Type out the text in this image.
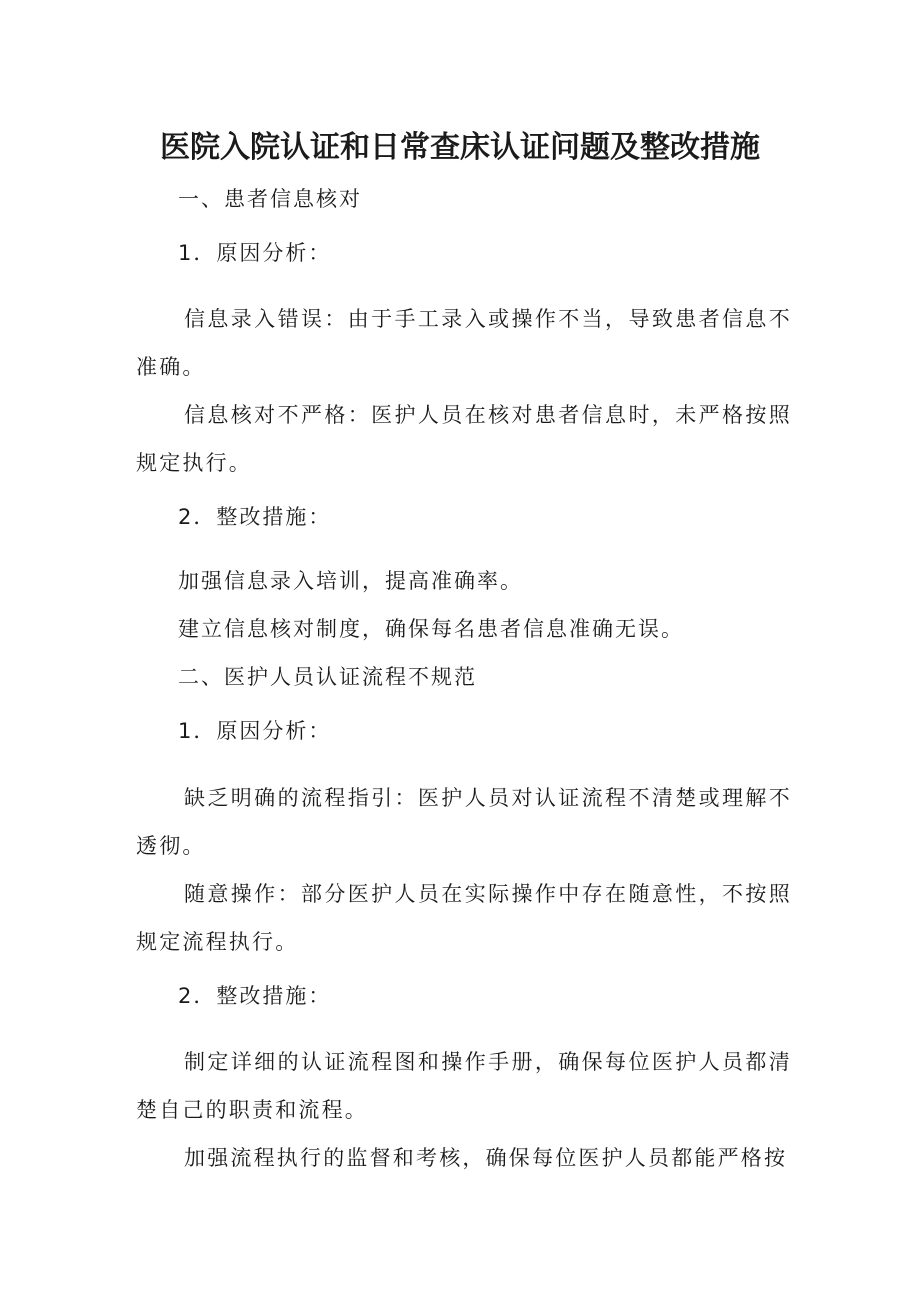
医院入院认证和日常查床认证问题及整改措施
一、患者信息核对
1．原因分析：
信息录入错误：由于手工录入或操作不当，导致患者信息不准确。
信息核对不严格：医护人员在核对患者信息时，未严格按照规定执行。
2．整改措施：
加强信息录入培训，提高准确率。
建立信息核对制度，确保每名患者信息准确无误。
二、医护人员认证流程不规范
1．原因分析：
缺乏明确的流程指引：医护人员对认证流程不清楚或理解不透彻。
随意操作：部分医护人员在实际操作中存在随意性，不按照规定流程执行。
2．整改措施：
制定详细的认证流程图和操作手册，确保每位医护人员都清楚自己的职责和流程。
加强流程执行的监督和考核，确保每位医护人员都能严格按
